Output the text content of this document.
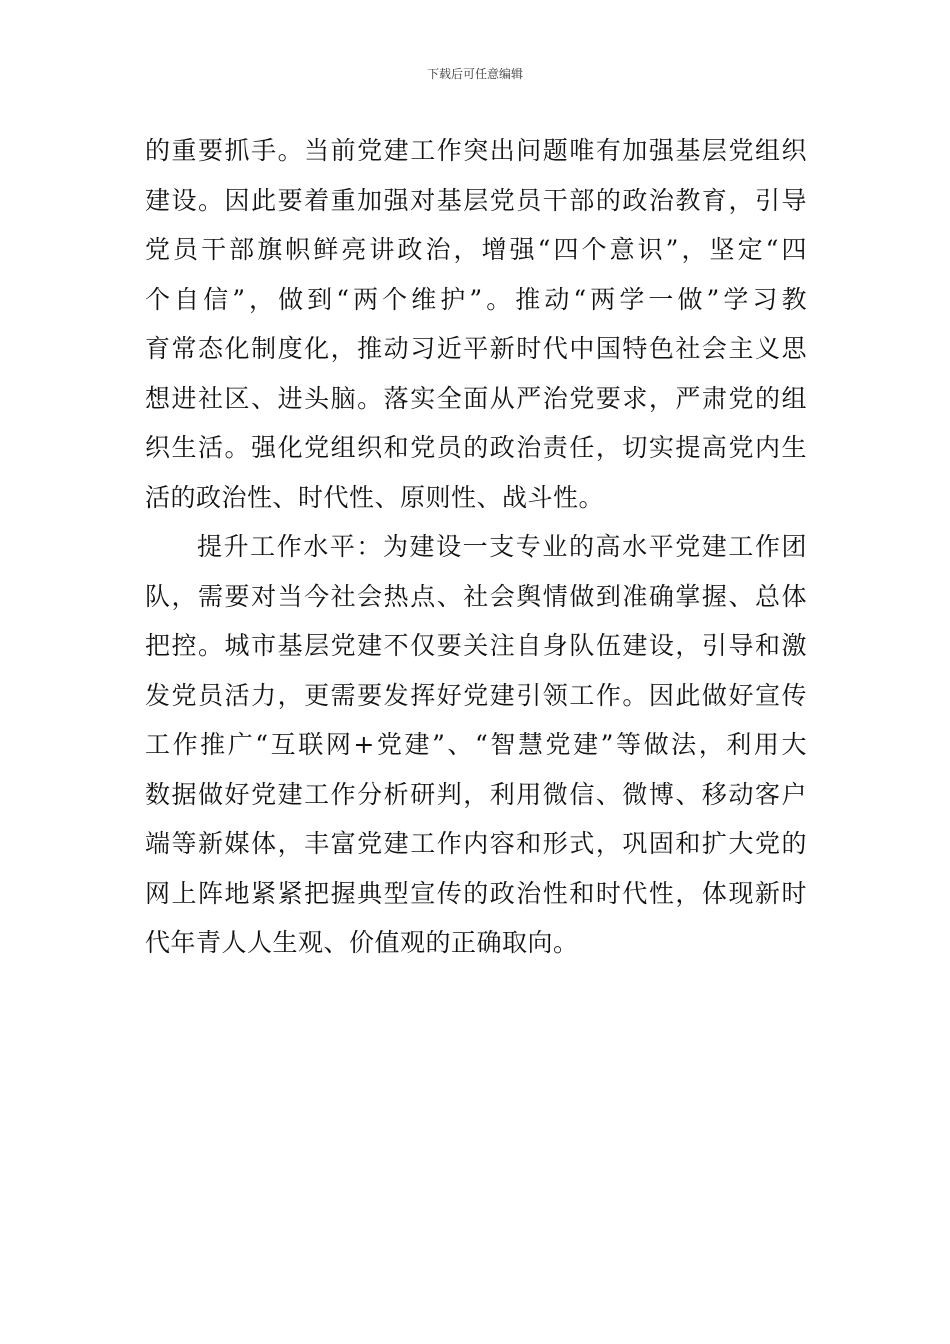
下载后可任意编辑
的重要抓手。当前党建工作突出问题唯有加强基层党组织
建设。因此要着重加强对基层党员干部的政治教育，引导
党员干部旗帜鲜亮讲政治，增强“四个意识”，坚定“四
个自信”，做到“两个维护”。推动“两学一做”学习教
育常态化制度化，推动习近平新时代中国特色社会主义思
想进社区、进头脑。落实全面从严治党要求，严肃党的组
织生活。强化党组织和党员的政治责任，切实提高党内生
活的政治性、时代性、原则性、战斗性。
提升工作水平：为建设一支专业的高水平党建工作团
队，需要对当今社会热点、社会舆情做到准确掌握、总体
把控。城市基层党建不仅要关注自身队伍建设，引导和激
发党员活力，更需要发挥好党建引领工作。因此做好宣传
工作推广“互联网+党建”、“智慧党建”等做法，利用大
数据做好党建工作分析研判，利用微信、微博、移动客户
端等新媒体，丰富党建工作内容和形式，巩固和扩大党的
网上阵地紧紧把握典型宣传的政治性和时代性，体现新时
代年青人人生观、价值观的正确取向。
